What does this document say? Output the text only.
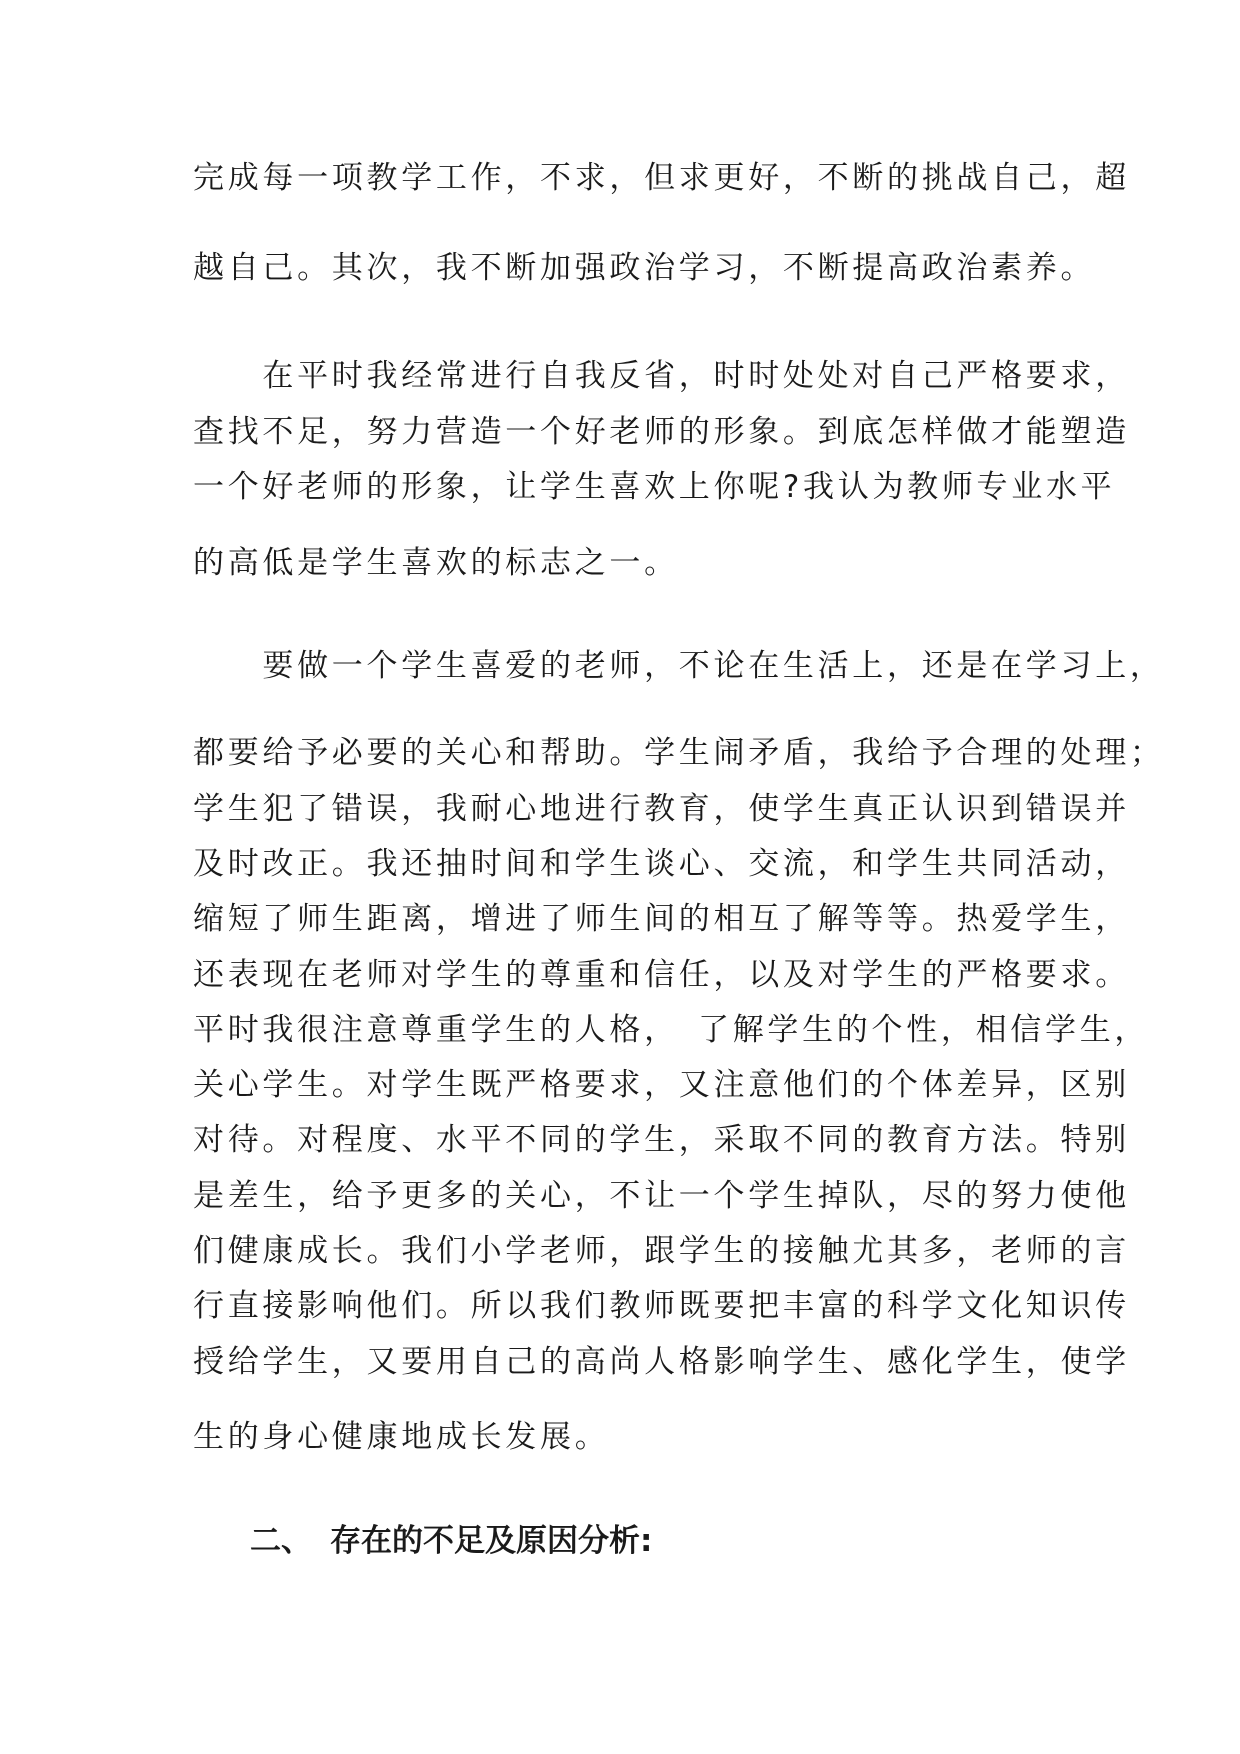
完成每一项教学工作，不求，但求更好，不断的挑战自己，超
越自己。其次，我不断加强政治学习，不断提高政治素养。
　　在平时我经常进行自我反省，时时处处对自己严格要求，
查找不足，努力营造一个好老师的形象。到底怎样做才能塑造
一个好老师的形象，让学生喜欢上你呢?我认为教师专业水平
的高低是学生喜欢的标志之一。
　　要做一个学生喜爱的老师，不论在生活上，还是在学习上，
都要给予必要的关心和帮助。学生闹矛盾，我给予合理的处理；
学生犯了错误，我耐心地进行教育，使学生真正认识到错误并
及时改正。我还抽时间和学生谈心、交流，和学生共同活动，
缩短了师生距离，增进了师生间的相互了解等等。热爱学生，
还表现在老师对学生的尊重和信任，以及对学生的严格要求。
平时我很注意尊重学生的人格，　了解学生的个性，相信学生，
关心学生。对学生既严格要求，又注意他们的个体差异，区别
对待。对程度、水平不同的学生，采取不同的教育方法。特别
是差生，给予更多的关心，不让一个学生掉队，尽的努力使他
们健康成长。我们小学老师，跟学生的接触尤其多，老师的言
行直接影响他们。所以我们教师既要把丰富的科学文化知识传
授给学生，又要用自己的高尚人格影响学生、感化学生，使学
生的身心健康地成长发展。
二、 存在的不足及原因分析:
